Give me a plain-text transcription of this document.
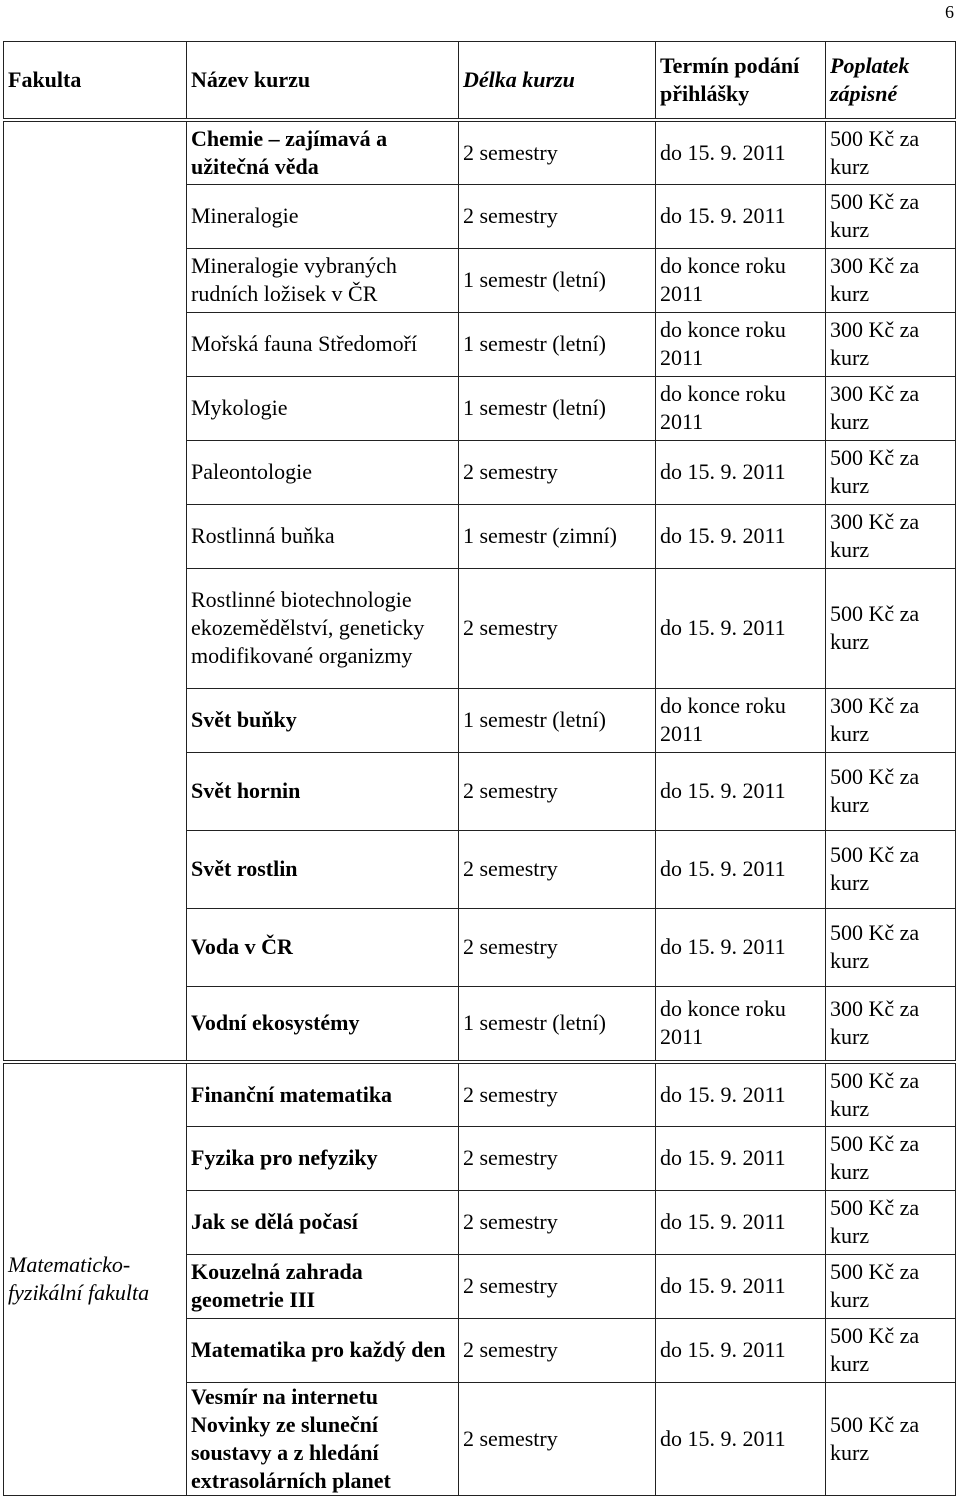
6
Fakulta	Název kurzu	Délka kurzu	Termín podání přihlášky	Poplatek zápisné
	Chemie – zajímavá a užitečná věda	2 semestry	do 15. 9. 2011	500 Kč za kurz
	Mineralogie	2 semestry	do 15. 9. 2011	500 Kč za kurz
	Mineralogie vybraných rudních ložisek v ČR	1 semestr (letní)	do konce roku 2011	300 Kč za kurz
	Mořská fauna Středomoří	1 semestr (letní)	do konce roku 2011	300 Kč za kurz
	Mykologie	1 semestr (letní)	do konce roku 2011	300 Kč za kurz
	Paleontologie	2 semestry	do 15. 9. 2011	500 Kč za kurz
	Rostlinná buňka	1 semestr (zimní)	do 15. 9. 2011	300 Kč za kurz
	Rostlinné biotechnologie ekozemědělství, geneticky modifikované organizmy	2 semestry	do 15. 9. 2011	500 Kč za kurz
	Svět buňky	1 semestr (letní)	do konce roku 2011	300 Kč za kurz
	Svět hornin	2 semestry	do 15. 9. 2011	500 Kč za kurz
	Svět rostlin	2 semestry	do 15. 9. 2011	500 Kč za kurz
	Voda v ČR	2 semestry	do 15. 9. 2011	500 Kč za kurz
	Vodní ekosystémy	1 semestr (letní)	do konce roku 2011	300 Kč za kurz
Matematicko-fyzikální fakulta	Finanční matematika	2 semestry	do 15. 9. 2011	500 Kč za kurz
	Fyzika pro nefyziky	2 semestry	do 15. 9. 2011	500 Kč za kurz
	Jak se dělá počasí	2 semestry	do 15. 9. 2011	500 Kč za kurz
	Kouzelná zahrada geometrie III	2 semestry	do 15. 9. 2011	500 Kč za kurz
	Matematika pro každý den	2 semestry	do 15. 9. 2011	500 Kč za kurz
	Vesmír na internetu Novinky ze sluneční soustavy a z hledání extrasolárních planet	2 semestry	do 15. 9. 2011	500 Kč za kurz
